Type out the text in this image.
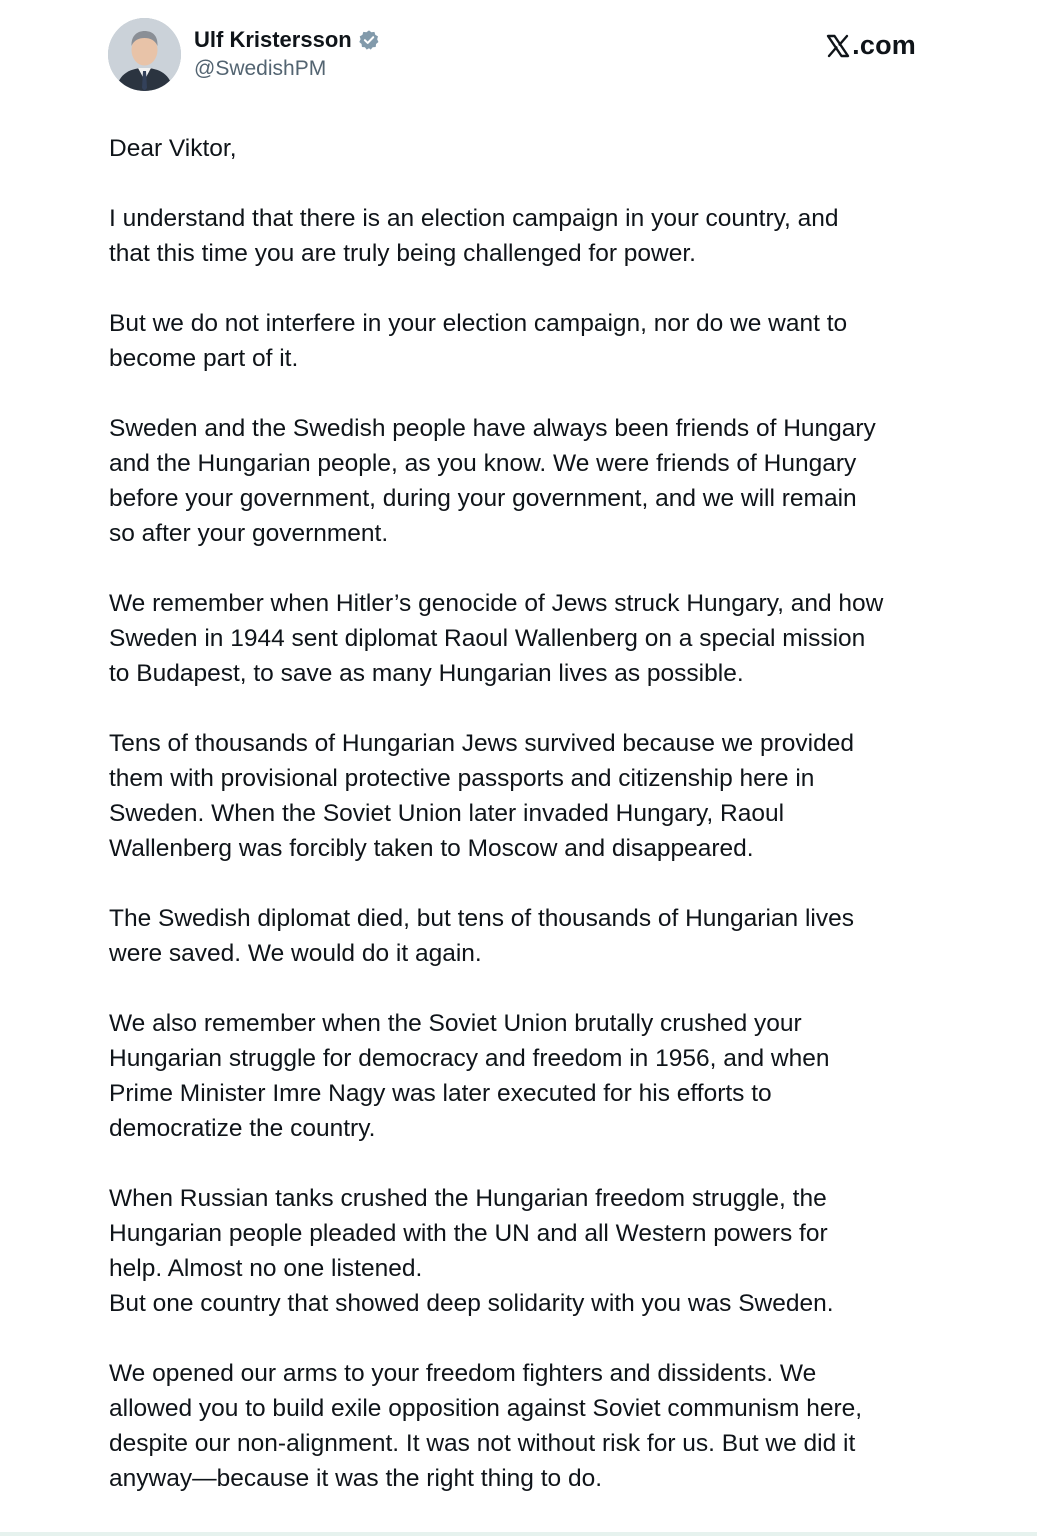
Ulf Kristersson
@SwedishPM
.com

Dear Viktor,

I understand that there is an election campaign in your country, and
that this time you are truly being challenged for power.

But we do not interfere in your election campaign, nor do we want to
become part of it.

Sweden and the Swedish people have always been friends of Hungary
and the Hungarian people, as you know. We were friends of Hungary
before your government, during your government, and we will remain
so after your government.

We remember when Hitler’s genocide of Jews struck Hungary, and how
Sweden in 1944 sent diplomat Raoul Wallenberg on a special mission
to Budapest, to save as many Hungarian lives as possible.

Tens of thousands of Hungarian Jews survived because we provided
them with provisional protective passports and citizenship here in
Sweden. When the Soviet Union later invaded Hungary, Raoul
Wallenberg was forcibly taken to Moscow and disappeared.

The Swedish diplomat died, but tens of thousands of Hungarian lives
were saved. We would do it again.

We also remember when the Soviet Union brutally crushed your
Hungarian struggle for democracy and freedom in 1956, and when
Prime Minister Imre Nagy was later executed for his efforts to
democratize the country.

When Russian tanks crushed the Hungarian freedom struggle, the
Hungarian people pleaded with the UN and all Western powers for
help. Almost no one listened.
But one country that showed deep solidarity with you was Sweden.

We opened our arms to your freedom fighters and dissidents. We
allowed you to build exile opposition against Soviet communism here,
despite our non-alignment. It was not without risk for us. But we did it
anyway—because it was the right thing to do.
